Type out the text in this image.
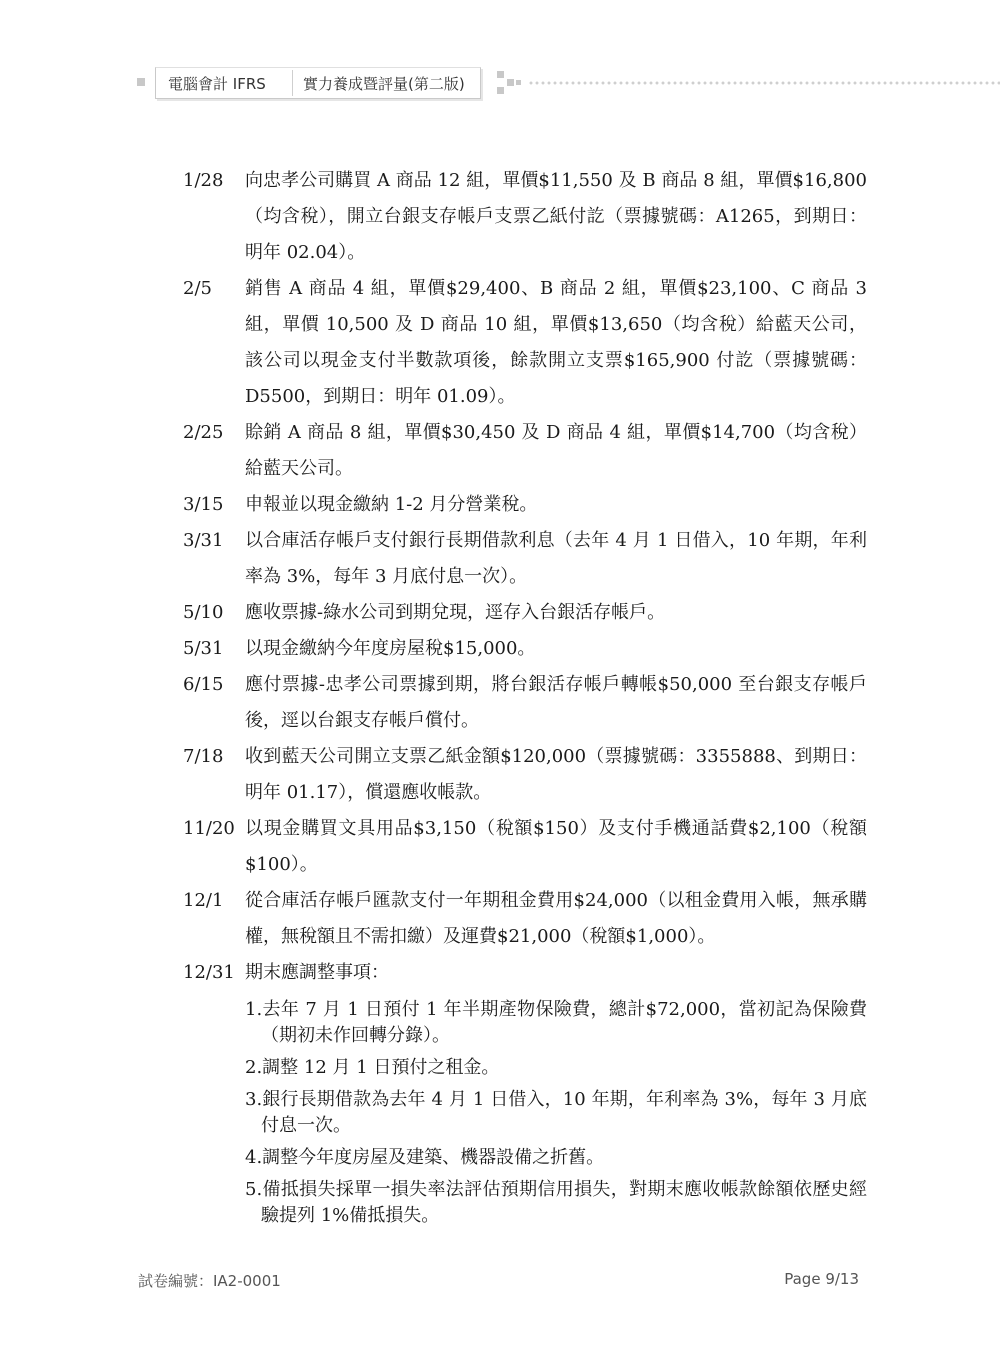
電腦會計 IFRS	實力養成暨評量(第二版)
1/28	向忠孝公司購買 A 商品 12 組，單價$11,550 及 B 商品 8 組，單價$16,800（均含稅），開立台銀支存帳戶支票乙紙付訖（票據號碼：A1265，到期日：明年 02.04）。
2/5	銷售 A 商品 4 組，單價$29,400、B 商品 2 組，單價$23,100、C 商品 3 組，單價 10,500 及 D 商品 10 組，單價$13,650（均含稅）給藍天公司，該公司以現金支付半數款項後，餘款開立支票$165,900 付訖（票據號碼：D5500，到期日：明年 01.09）。
2/25	賒銷 A 商品 8 組，單價$30,450 及 D 商品 4 組，單價$14,700（均含稅）給藍天公司。
3/15	申報並以現金繳納 1-2 月分營業稅。
3/31	以合庫活存帳戶支付銀行長期借款利息（去年 4 月 1 日借入，10 年期，年利率為 3%，每年 3 月底付息一次）。
5/10	應收票據-綠水公司到期兌現，逕存入台銀活存帳戶。
5/31	以現金繳納今年度房屋稅$15,000。
6/15	應付票據-忠孝公司票據到期，將台銀活存帳戶轉帳$50,000 至台銀支存帳戶後，逕以台銀支存帳戶償付。
7/18	收到藍天公司開立支票乙紙金額$120,000（票據號碼：3355888、到期日：明年 01.17），償還應收帳款。
11/20 以現金購買文具用品$3,150（稅額$150）及支付手機通話費$2,100（稅額$100）。
12/1	從合庫活存帳戶匯款支付一年期租金費用$24,000（以租金費用入帳，無承購權，無稅額且不需扣繳）及運費$21,000（稅額$1,000）。
12/31 期末應調整事項：
1.去年 7 月 1 日預付 1 年半期產物保險費，總計$72,000，當初記為保險費（期初未作回轉分錄）。
2.調整 12 月 1 日預付之租金。
3.銀行長期借款為去年 4 月 1 日借入，10 年期，年利率為 3%，每年 3 月底付息一次。
4.調整今年度房屋及建築、機器設備之折舊。
5.備抵損失採單一損失率法評估預期信用損失，對期末應收帳款餘額依歷史經驗提列 1%備抵損失。
試卷編號：IA2-0001	Page 9/13
